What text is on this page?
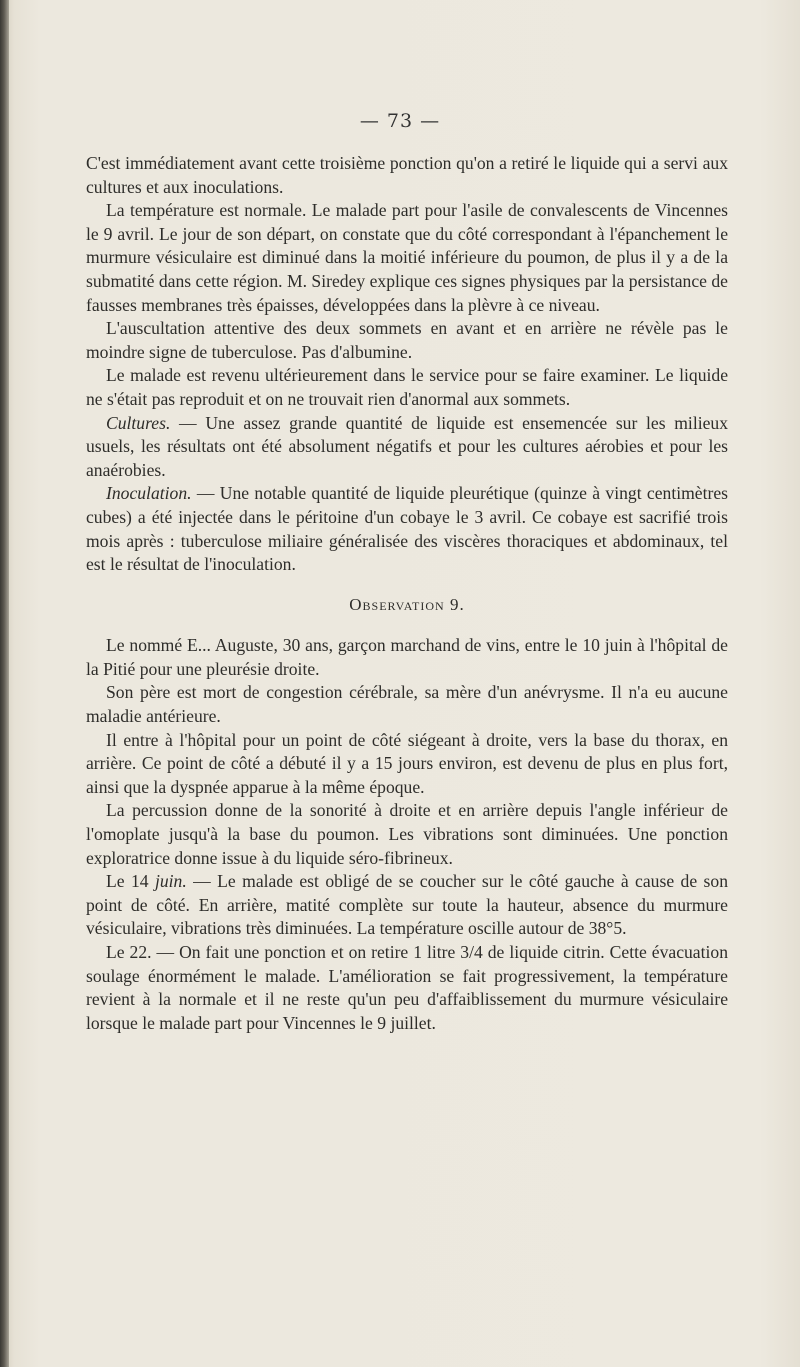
— 73 —

C'est immédiatement avant cette troisième ponction qu'on a retiré le liquide qui a servi aux cultures et aux inoculations.

La température est normale. Le malade part pour l'asile de convalescents de Vincennes le 9 avril. Le jour de son départ, on constate que du côté correspondant à l'épanchement le murmure vésiculaire est diminué dans la moitié inférieure du poumon, de plus il y a de la submatité dans cette région. M. Siredey explique ces signes physiques par la persistance de fausses membranes très épaisses, développées dans la plèvre à ce niveau.

L'auscultation attentive des deux sommets en avant et en arrière ne révèle pas le moindre signe de tuberculose. Pas d'albumine.

Le malade est revenu ultérieurement dans le service pour se faire examiner. Le liquide ne s'était pas reproduit et on ne trouvait rien d'anormal aux sommets.

Cultures. — Une assez grande quantité de liquide est ensemencée sur les milieux usuels, les résultats ont été absolument négatifs et pour les cultures aérobies et pour les anaérobies.

Inoculation. — Une notable quantité de liquide pleurétique (quinze à vingt centimètres cubes) a été injectée dans le péritoine d'un cobaye le 3 avril. Ce cobaye est sacrifié trois mois après : tuberculose miliaire généralisée des viscères thoraciques et abdominaux, tel est le résultat de l'inoculation.

Observation 9.

Le nommé E... Auguste, 30 ans, garçon marchand de vins, entre le 10 juin à l'hôpital de la Pitié pour une pleurésie droite.

Son père est mort de congestion cérébrale, sa mère d'un anévrysme. Il n'a eu aucune maladie antérieure.

Il entre à l'hôpital pour un point de côté siégeant à droite, vers la base du thorax, en arrière. Ce point de côté a débuté il y a 15 jours environ, est devenu de plus en plus fort, ainsi que la dyspnée apparue à la même époque.

La percussion donne de la sonorité à droite et en arrière depuis l'angle inférieur de l'omoplate jusqu'à la base du poumon. Les vibrations sont diminuées. Une ponction exploratrice donne issue à du liquide séro-fibrineux.

Le 14 juin. — Le malade est obligé de se coucher sur le côté gauche à cause de son point de côté. En arrière, matité complète sur toute la hauteur, absence du murmure vésiculaire, vibrations très diminuées. La température oscille autour de 38°5.

Le 22. — On fait une ponction et on retire 1 litre 3/4 de liquide citrin. Cette évacuation soulage énormément le malade. L'amélioration se fait progressivement, la température revient à la normale et il ne reste qu'un peu d'affaiblissement du murmure vésiculaire lorsque le malade part pour Vincennes le 9 juillet.
